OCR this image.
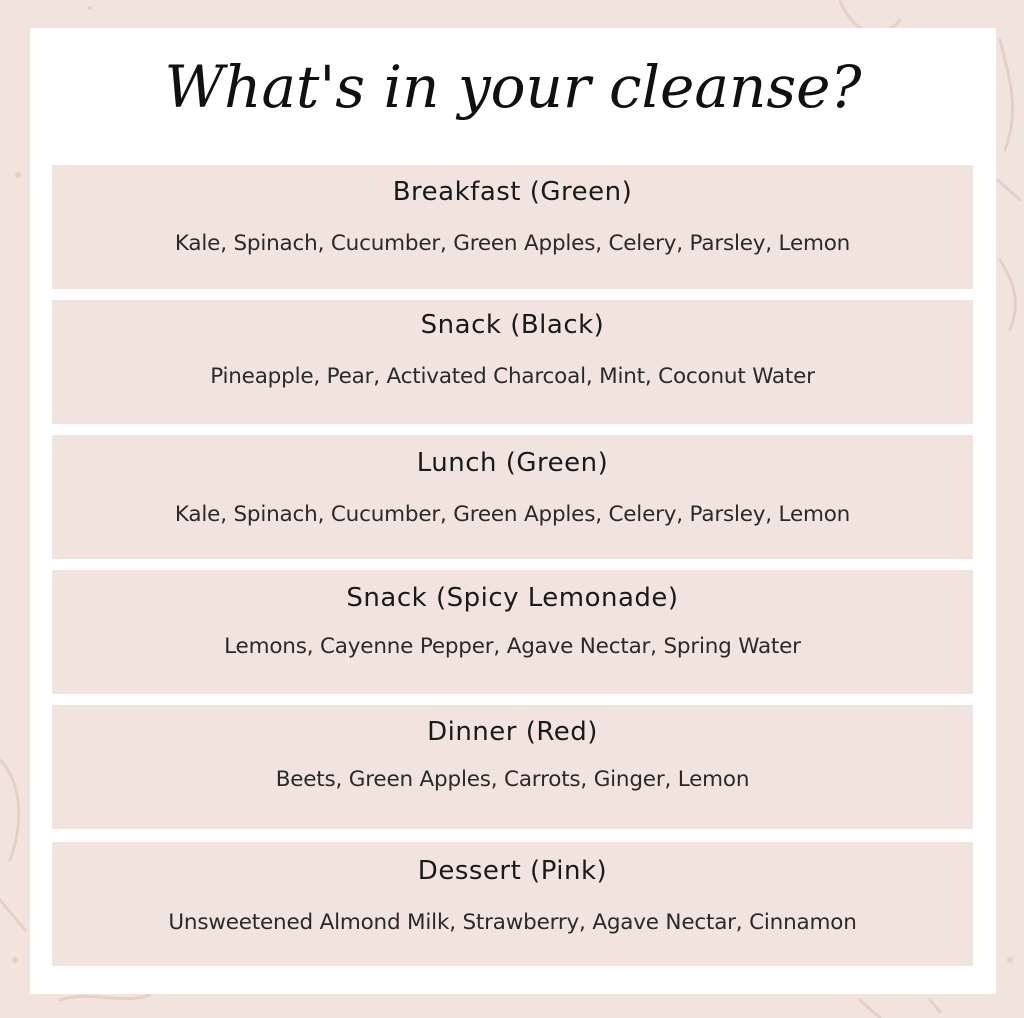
What's in your cleanse?
Breakfast (Green)
Kale, Spinach, Cucumber, Green Apples, Celery, Parsley, Lemon
Snack (Black)
Pineapple, Pear, Activated Charcoal, Mint, Coconut Water
Lunch (Green)
Kale, Spinach, Cucumber, Green Apples, Celery, Parsley, Lemon
Snack (Spicy Lemonade)
Lemons, Cayenne Pepper, Agave Nectar, Spring Water
Dinner (Red)
Beets, Green Apples, Carrots, Ginger, Lemon
Dessert (Pink)
Unsweetened Almond Milk, Strawberry, Agave Nectar, Cinnamon
